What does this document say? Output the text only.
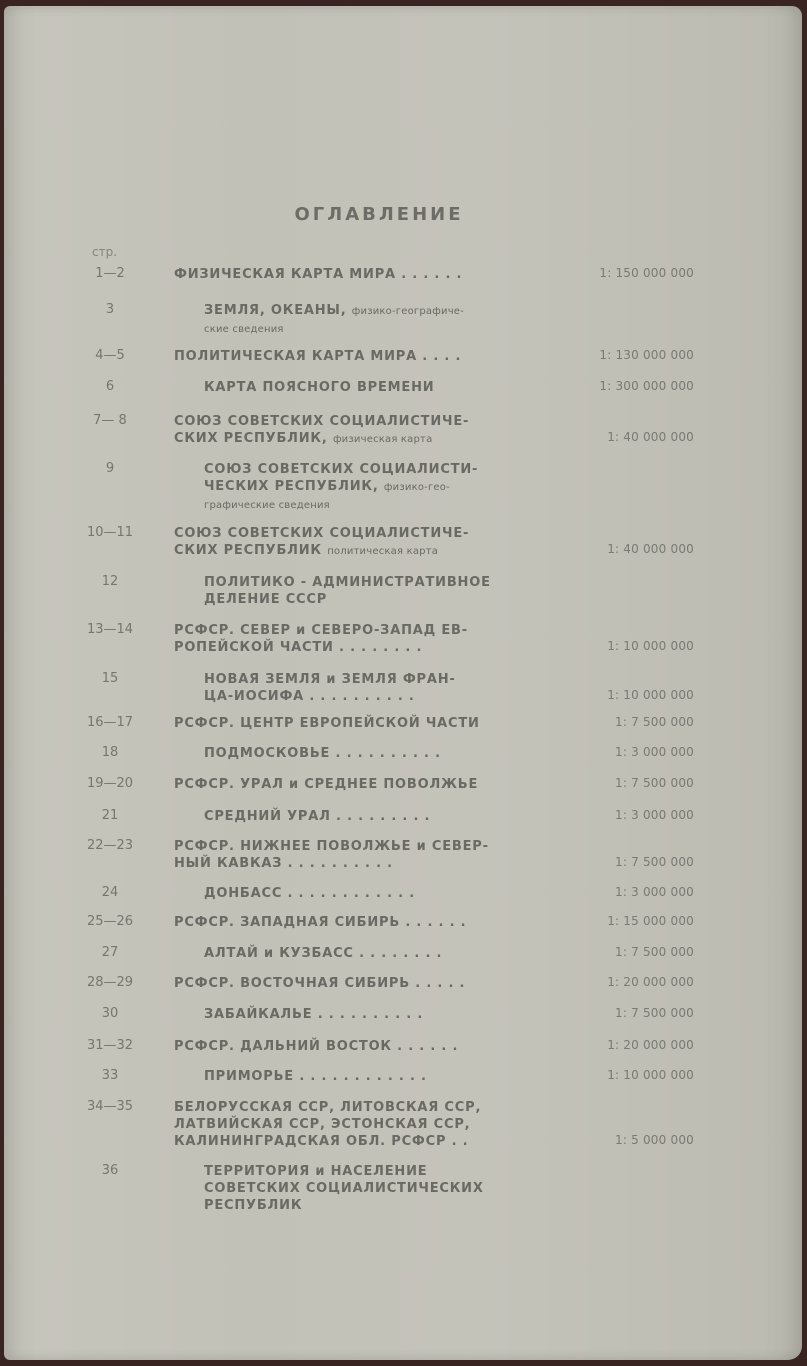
ОГЛАВЛЕНИЕ
стр.
1—2	ФИЗИЧЕСКАЯ КАРТА МИРА . . . . . .	1: 150 000 000
3	ЗЕМЛЯ, ОКЕАНЫ, физико-географиче-
ские сведения
4—5	ПОЛИТИЧЕСКАЯ КАРТА МИРА . . . .	1: 130 000 000
6	КАРТА ПОЯСНОГО ВРЕМЕНИ	1: 300 000 000
7— 8	СОЮЗ СОВЕТСКИХ СОЦИАЛИСТИЧЕ-
СКИХ РЕСПУБЛИК, физическая карта	1: 40 000 000
9	СОЮЗ СОВЕТСКИХ СОЦИАЛИСТИ-
ЧЕСКИХ РЕСПУБЛИК, физико-гео-
графические сведения
10—11	СОЮЗ СОВЕТСКИХ СОЦИАЛИСТИЧЕ-
СКИХ РЕСПУБЛИК политическая карта	1: 40 000 000
12	ПОЛИТИКО - АДМИНИСТРАТИВНОЕ
ДЕЛЕНИЕ СССР
13—14	РСФСР. СЕВЕР и СЕВЕРО-ЗАПАД ЕВ-
РОПЕЙСКОЙ ЧАСТИ . . . . . . . .	1: 10 000 000
15	НОВАЯ ЗЕМЛЯ и ЗЕМЛЯ ФРАН-
ЦА-ИОСИФА . . . . . . . . . .	1: 10 000 000
16—17	РСФСР. ЦЕНТР ЕВРОПЕЙСКОЙ ЧАСТИ	1: 7 500 000
18	ПОДМОСКОВЬЕ . . . . . . . . . .	1: 3 000 000
19—20	РСФСР. УРАЛ и СРЕДНЕЕ ПОВОЛЖЬЕ	1: 7 500 000
21	СРЕДНИЙ УРАЛ . . . . . . . . .	1: 3 000 000
22—23	РСФСР. НИЖНЕЕ ПОВОЛЖЬЕ и СЕВЕР-
НЫЙ КАВКАЗ . . . . . . . . . .	1: 7 500 000
24	ДОНБАСС . . . . . . . . . . . .	1: 3 000 000
25—26	РСФСР. ЗАПАДНАЯ СИБИРЬ . . . . . .	1: 15 000 000
27	АЛТАЙ и КУЗБАСС . . . . . . . .	1: 7 500 000
28—29	РСФСР. ВОСТОЧНАЯ СИБИРЬ . . . . .	1: 20 000 000
30	ЗАБАЙКАЛЬЕ . . . . . . . . . .	1: 7 500 000
31—32	РСФСР. ДАЛЬНИЙ ВОСТОК . . . . . .	1: 20 000 000
33	ПРИМОРЬЕ . . . . . . . . . . . .	1: 10 000 000
34—35	БЕЛОРУССКАЯ ССР, ЛИТОВСКАЯ ССР,
ЛАТВИЙСКАЯ ССР, ЭСТОНСКАЯ ССР,
КАЛИНИНГРАДСКАЯ ОБЛ. РСФСР . .	1: 5 000 000
36	ТЕРРИТОРИЯ и НАСЕЛЕНИЕ
СОВЕТСКИХ СОЦИАЛИСТИЧЕСКИХ
РЕСПУБЛИК
